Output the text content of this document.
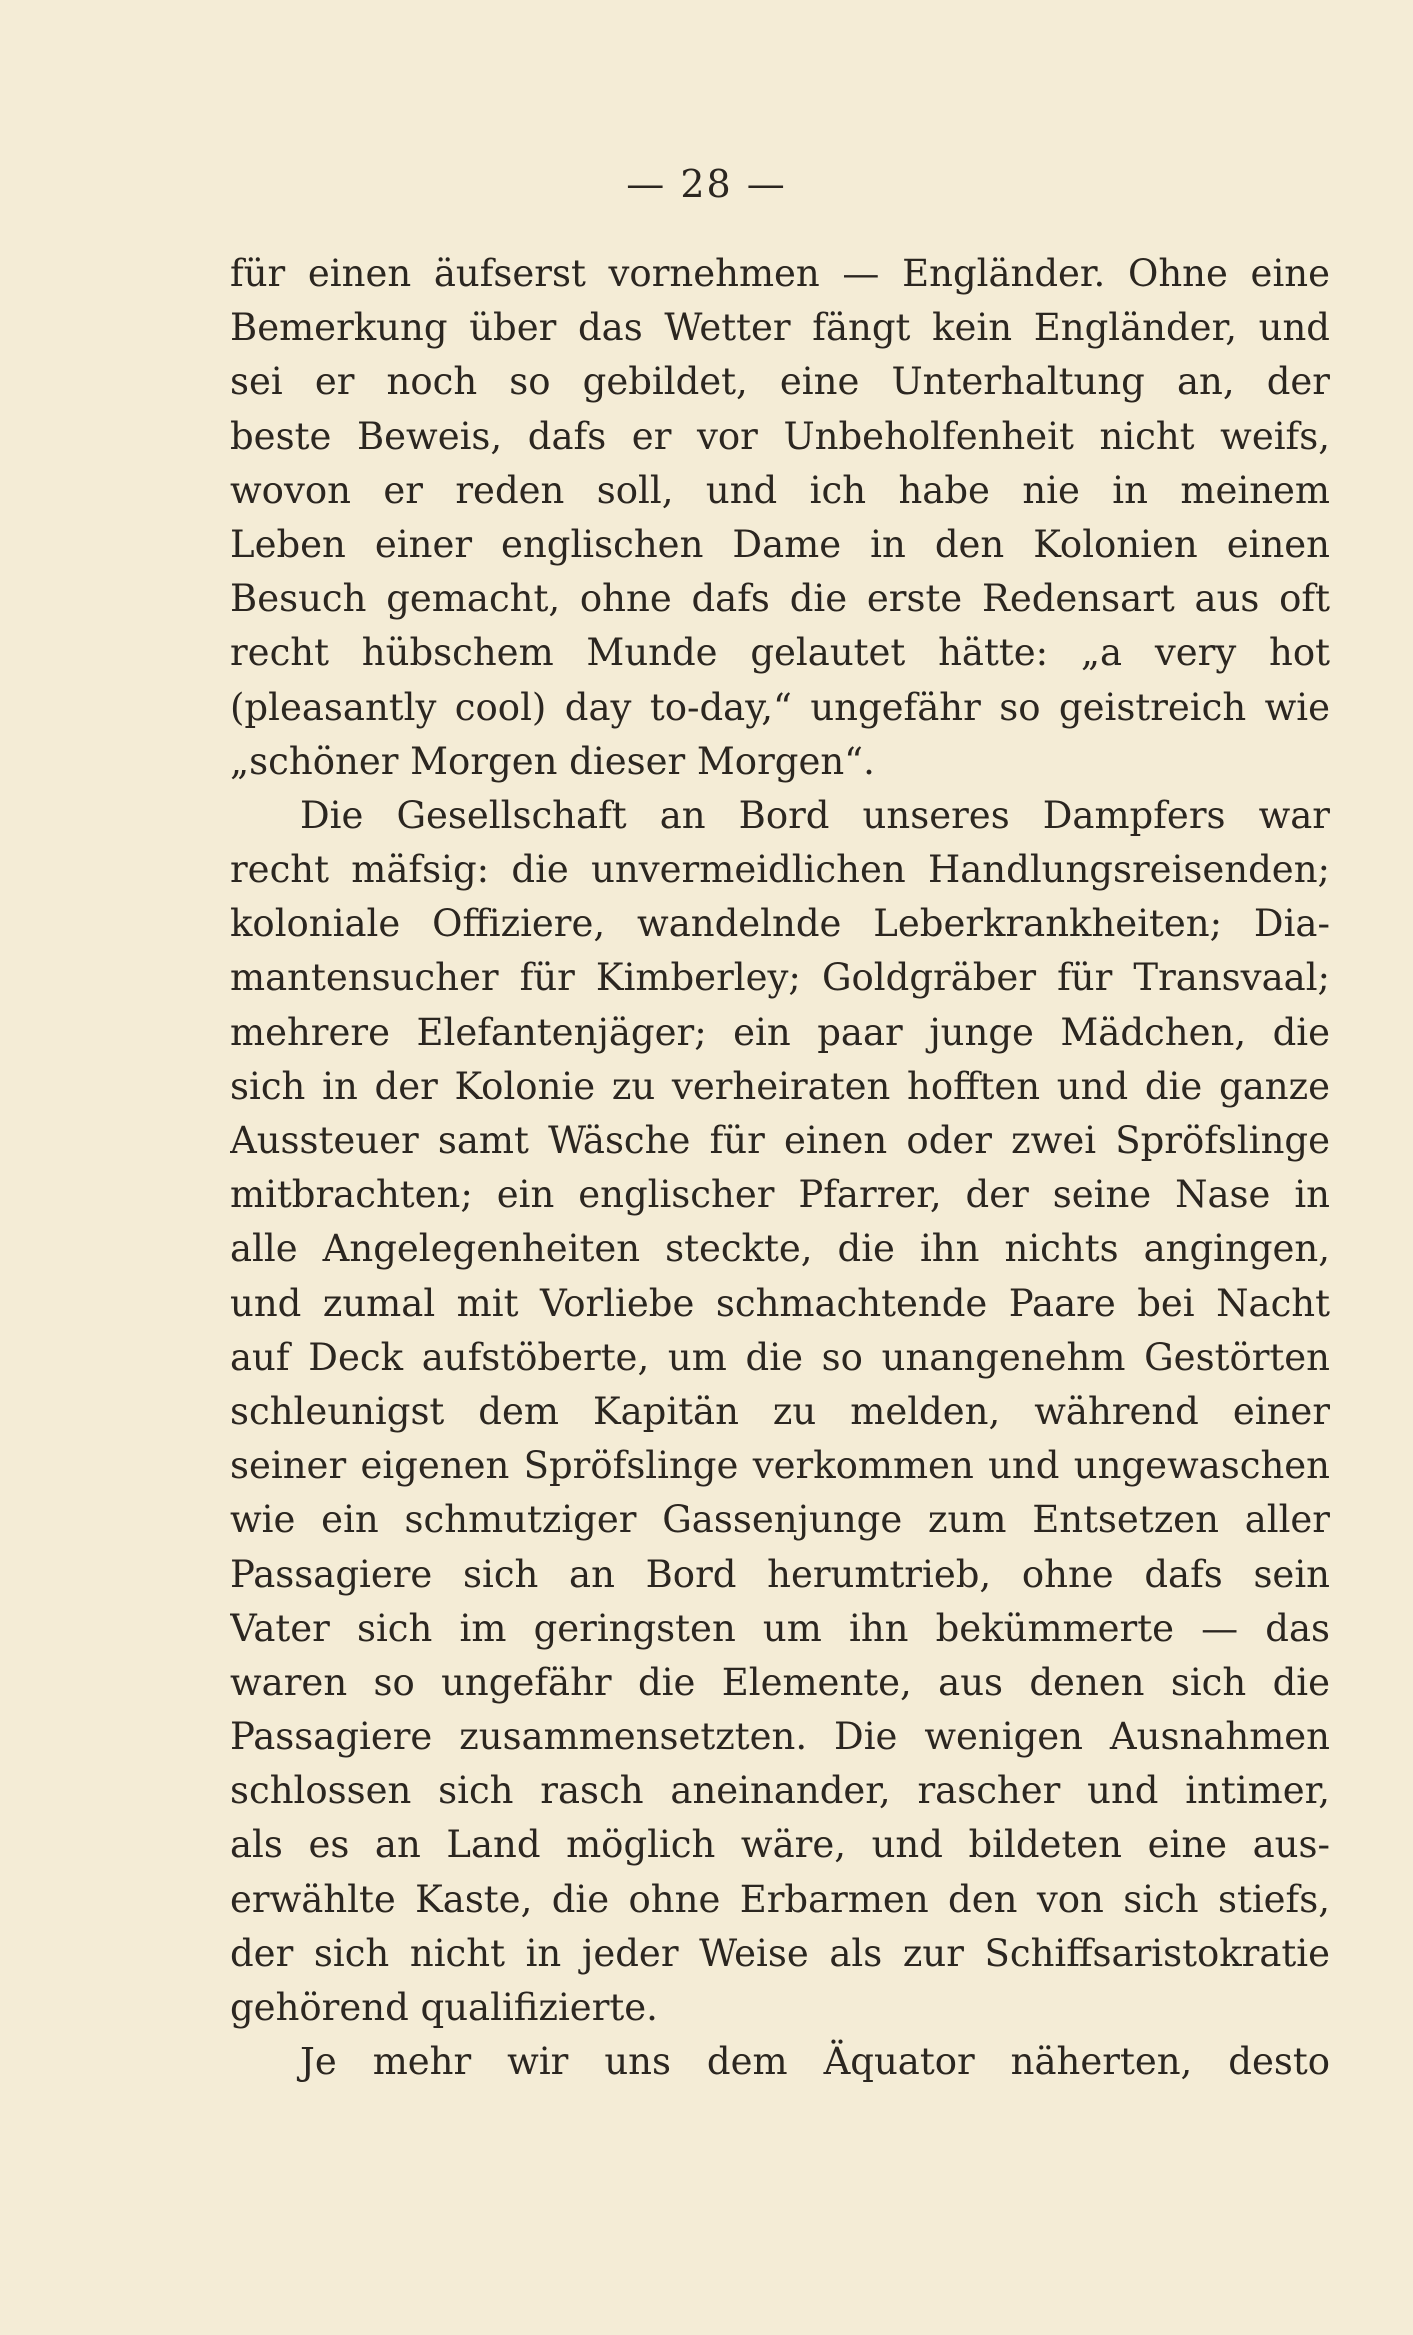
— 28 —
für einen äufserst vornehmen — Engländer. Ohne eine
Bemerkung über das Wetter fängt kein Engländer, und
sei er noch so gebildet, eine Unterhaltung an, der
beste Beweis, dafs er vor Unbeholfenheit nicht weifs,
wovon er reden soll, und ich habe nie in meinem
Leben einer englischen Dame in den Kolonien einen
Besuch gemacht, ohne dafs die erste Redensart aus oft
recht hübschem Munde gelautet hätte: „a very hot
(pleasantly cool) day to-day,“ ungefähr so geistreich wie
„schöner Morgen dieser Morgen“.
Die Gesellschaft an Bord unseres Dampfers war
recht mäfsig: die unvermeidlichen Handlungsreisenden;
koloniale Offiziere, wandelnde Leberkrankheiten; Dia-
mantensucher für Kimberley; Goldgräber für Transvaal;
mehrere Elefantenjäger; ein paar junge Mädchen, die
sich in der Kolonie zu verheiraten hofften und die ganze
Aussteuer samt Wäsche für einen oder zwei Spröfslinge
mitbrachten; ein englischer Pfarrer, der seine Nase in
alle Angelegenheiten steckte, die ihn nichts angingen,
und zumal mit Vorliebe schmachtende Paare bei Nacht
auf Deck aufstöberte, um die so unangenehm Gestörten
schleunigst dem Kapitän zu melden, während einer
seiner eigenen Spröfslinge verkommen und ungewaschen
wie ein schmutziger Gassenjunge zum Entsetzen aller
Passagiere sich an Bord herumtrieb, ohne dafs sein
Vater sich im geringsten um ihn bekümmerte — das
waren so ungefähr die Elemente, aus denen sich die
Passagiere zusammensetzten. Die wenigen Ausnahmen
schlossen sich rasch aneinander, rascher und intimer,
als es an Land möglich wäre, und bildeten eine aus-
erwählte Kaste, die ohne Erbarmen den von sich stiefs,
der sich nicht in jeder Weise als zur Schiffsaristokratie
gehörend qualifizierte.
Je mehr wir uns dem Äquator näherten, desto
